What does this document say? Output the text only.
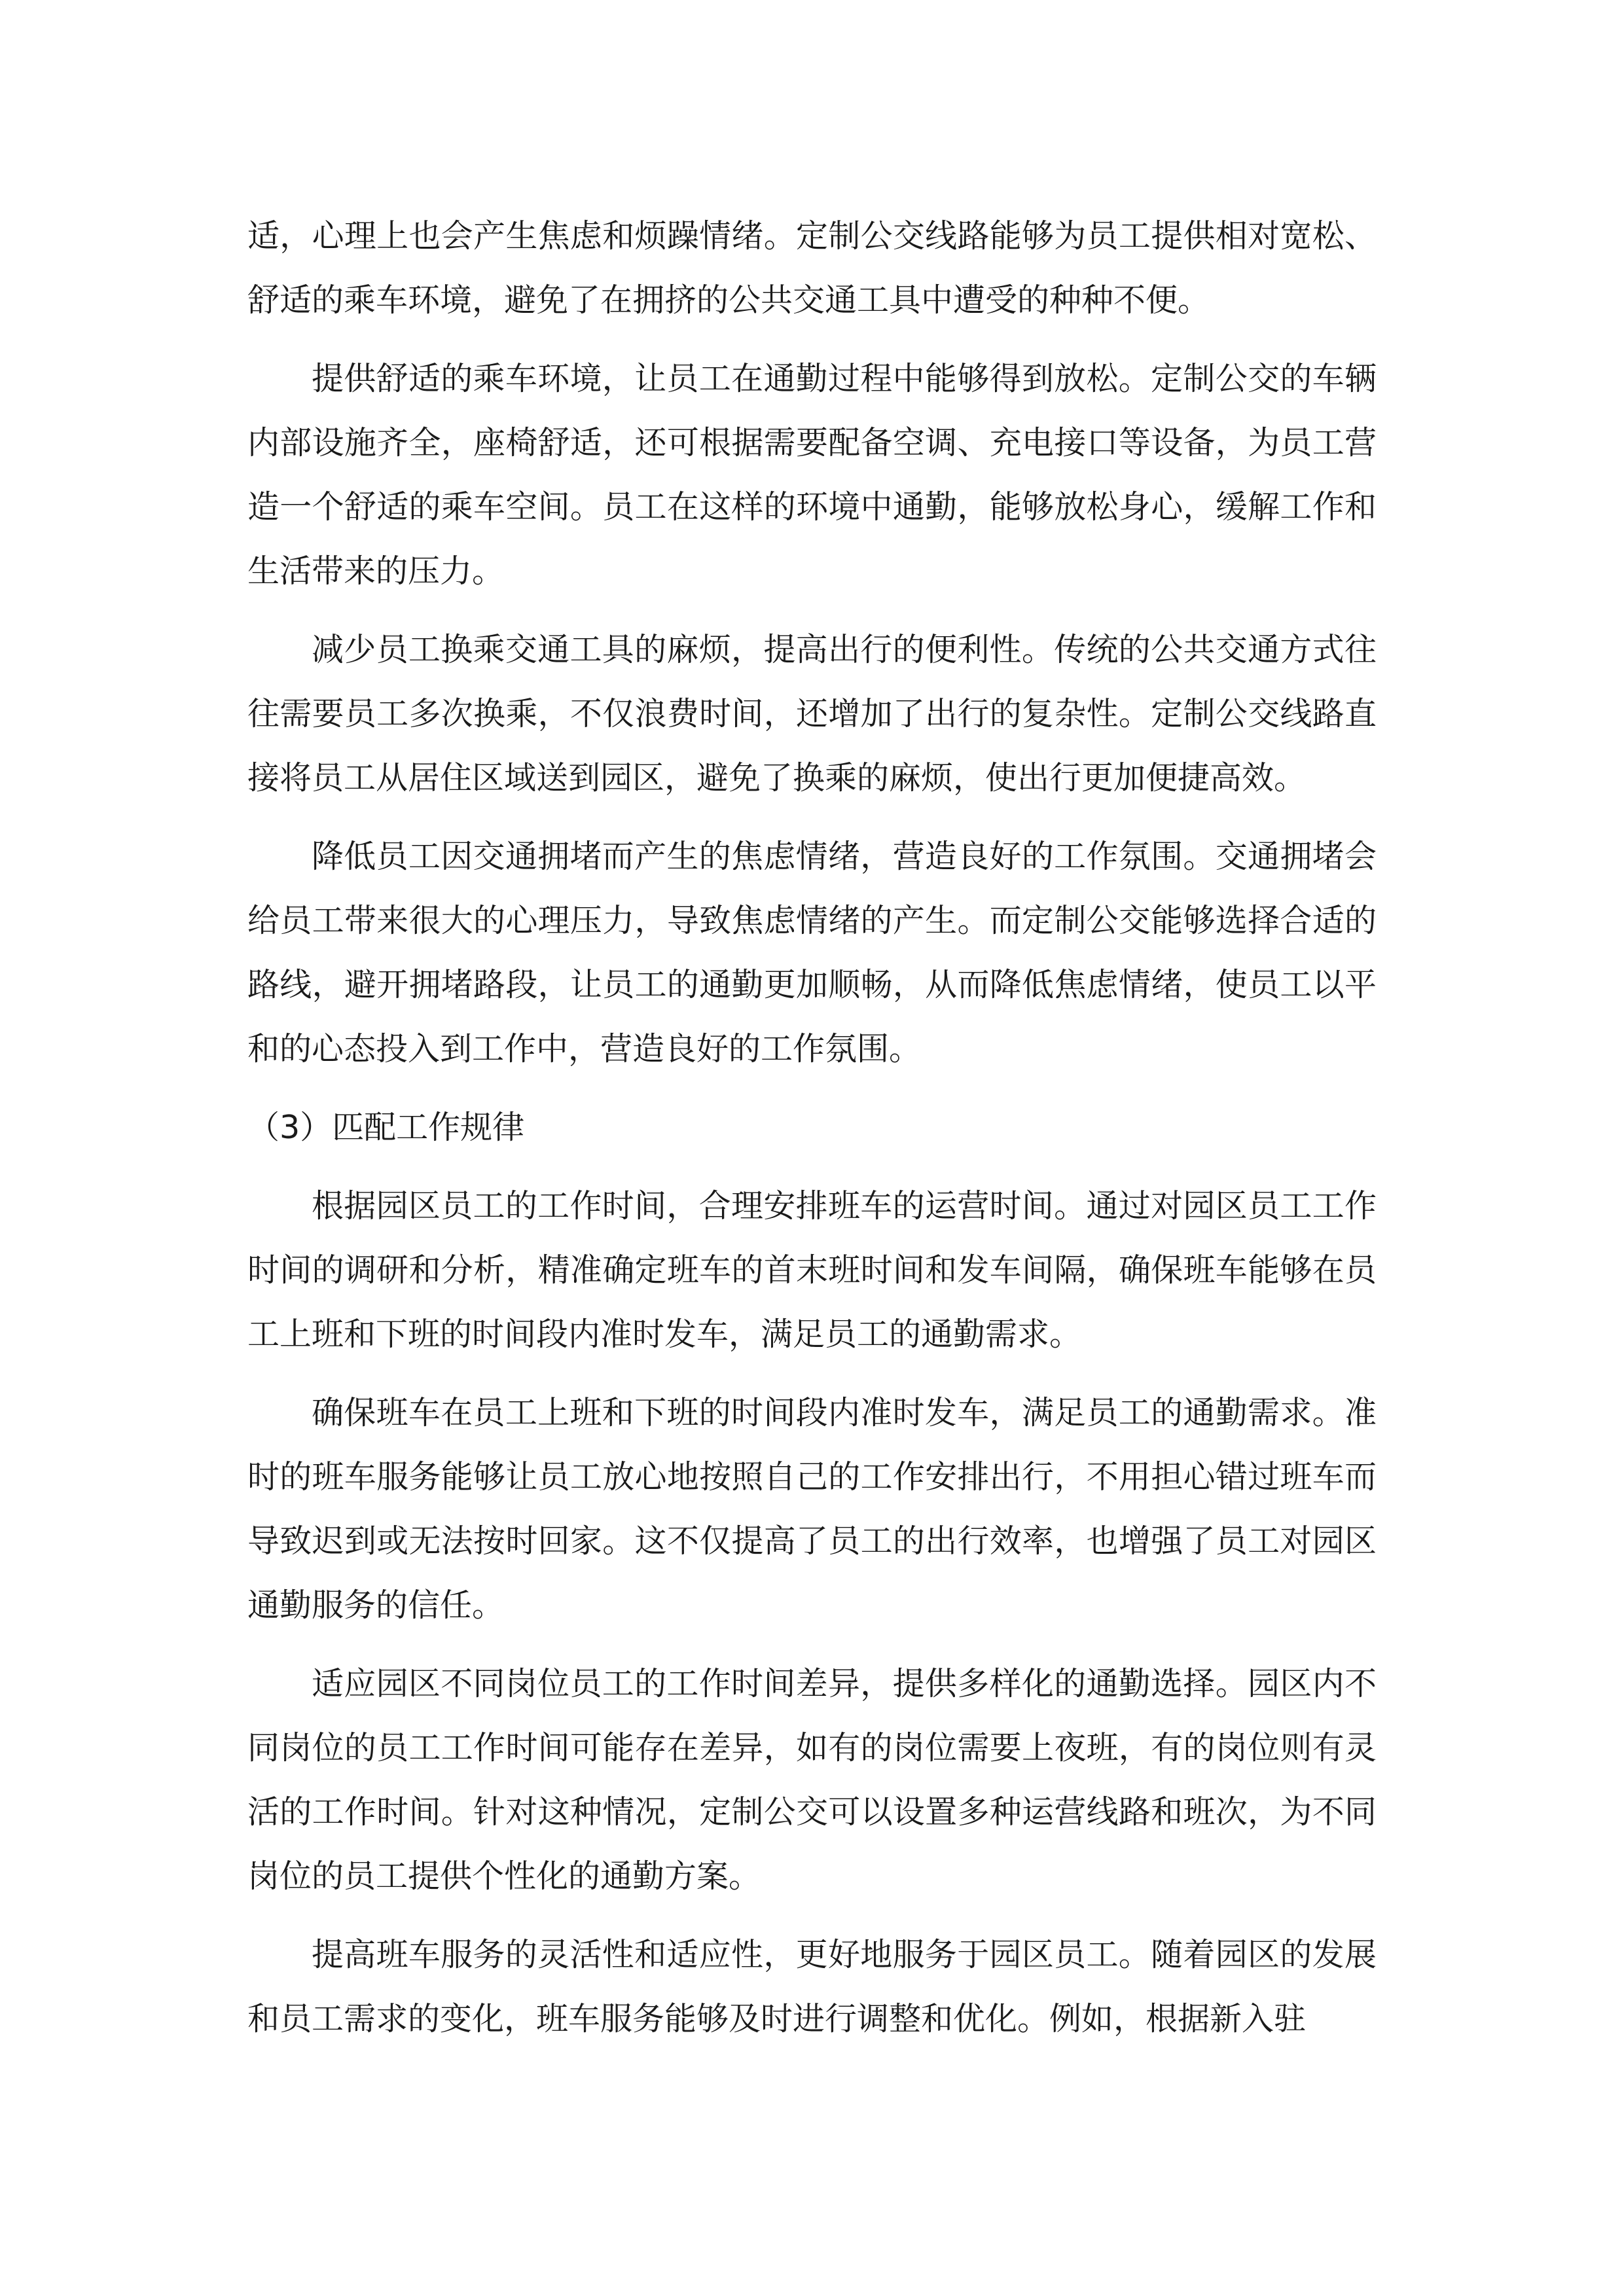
适，心理上也会产生焦虑和烦躁情绪。定制公交线路能够为员工提供相对宽松、舒适的乘车环境，避免了在拥挤的公共交通工具中遭受的种种不便。

提供舒适的乘车环境，让员工在通勤过程中能够得到放松。定制公交的车辆内部设施齐全，座椅舒适，还可根据需要配备空调、充电接口等设备，为员工营造一个舒适的乘车空间。员工在这样的环境中通勤，能够放松身心，缓解工作和生活带来的压力。

减少员工换乘交通工具的麻烦，提高出行的便利性。传统的公共交通方式往往需要员工多次换乘，不仅浪费时间，还增加了出行的复杂性。定制公交线路直接将员工从居住区域送到园区，避免了换乘的麻烦，使出行更加便捷高效。

降低员工因交通拥堵而产生的焦虑情绪，营造良好的工作氛围。交通拥堵会给员工带来很大的心理压力，导致焦虑情绪的产生。而定制公交能够选择合适的路线，避开拥堵路段，让员工的通勤更加顺畅，从而降低焦虑情绪，使员工以平和的心态投入到工作中，营造良好的工作氛围。

（3）匹配工作规律

根据园区员工的工作时间，合理安排班车的运营时间。通过对园区员工工作时间的调研和分析，精准确定班车的首末班时间和发车间隔，确保班车能够在员工上班和下班的时间段内准时发车，满足员工的通勤需求。

确保班车在员工上班和下班的时间段内准时发车，满足员工的通勤需求。准时的班车服务能够让员工放心地按照自己的工作安排出行，不用担心错过班车而导致迟到或无法按时回家。这不仅提高了员工的出行效率，也增强了员工对园区通勤服务的信任。

适应园区不同岗位员工的工作时间差异，提供多样化的通勤选择。园区内不同岗位的员工工作时间可能存在差异，如有的岗位需要上夜班，有的岗位则有灵活的工作时间。针对这种情况，定制公交可以设置多种运营线路和班次，为不同岗位的员工提供个性化的通勤方案。

提高班车服务的灵活性和适应性，更好地服务于园区员工。随着园区的发展和员工需求的变化，班车服务能够及时进行调整和优化。例如，根据新入驻
